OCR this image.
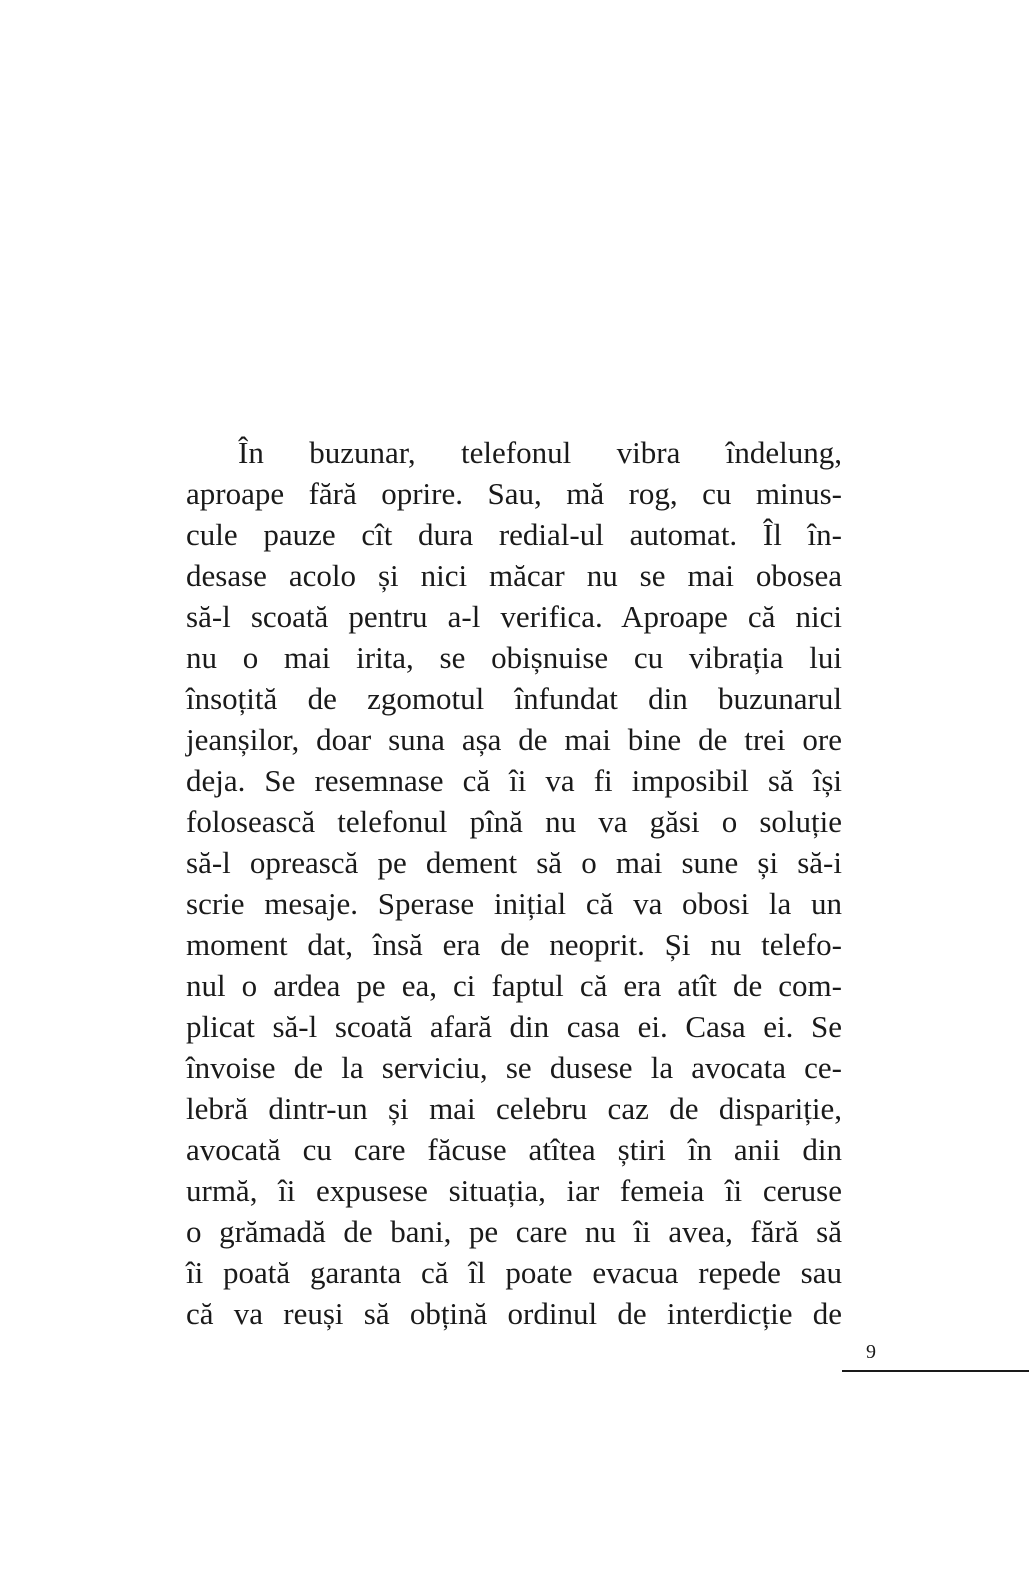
În buzunar, telefonul vibra îndelung,
aproape fără oprire. Sau, mă rog, cu minus-
cule pauze cît dura redial-ul automat. Îl în-
desase acolo și nici măcar nu se mai obosea
să-l scoată pentru a-l verifica. Aproape că nici
nu o mai irita, se obișnuise cu vibrația lui
însoțită de zgomotul înfundat din buzunarul
jeanșilor, doar suna așa de mai bine de trei ore
deja. Se resemnase că îi va fi imposibil să își
folosească telefonul pînă nu va găsi o soluție
să-l oprească pe dement să o mai sune și să-i
scrie mesaje. Sperase inițial că va obosi la un
moment dat, însă era de neoprit. Și nu telefo-
nul o ardea pe ea, ci faptul că era atît de com-
plicat să-l scoată afară din casa ei. Casa ei. Se
învoise de la serviciu, se dusese la avocata ce-
lebră dintr-un și mai celebru caz de dispariție,
avocată cu care făcuse atîtea știri în anii din
urmă, îi expusese situația, iar femeia îi ceruse
o grămadă de bani, pe care nu îi avea, fără să
îi poată garanta că îl poate evacua repede sau
că va reuși să obțină ordinul de interdicție de
9
